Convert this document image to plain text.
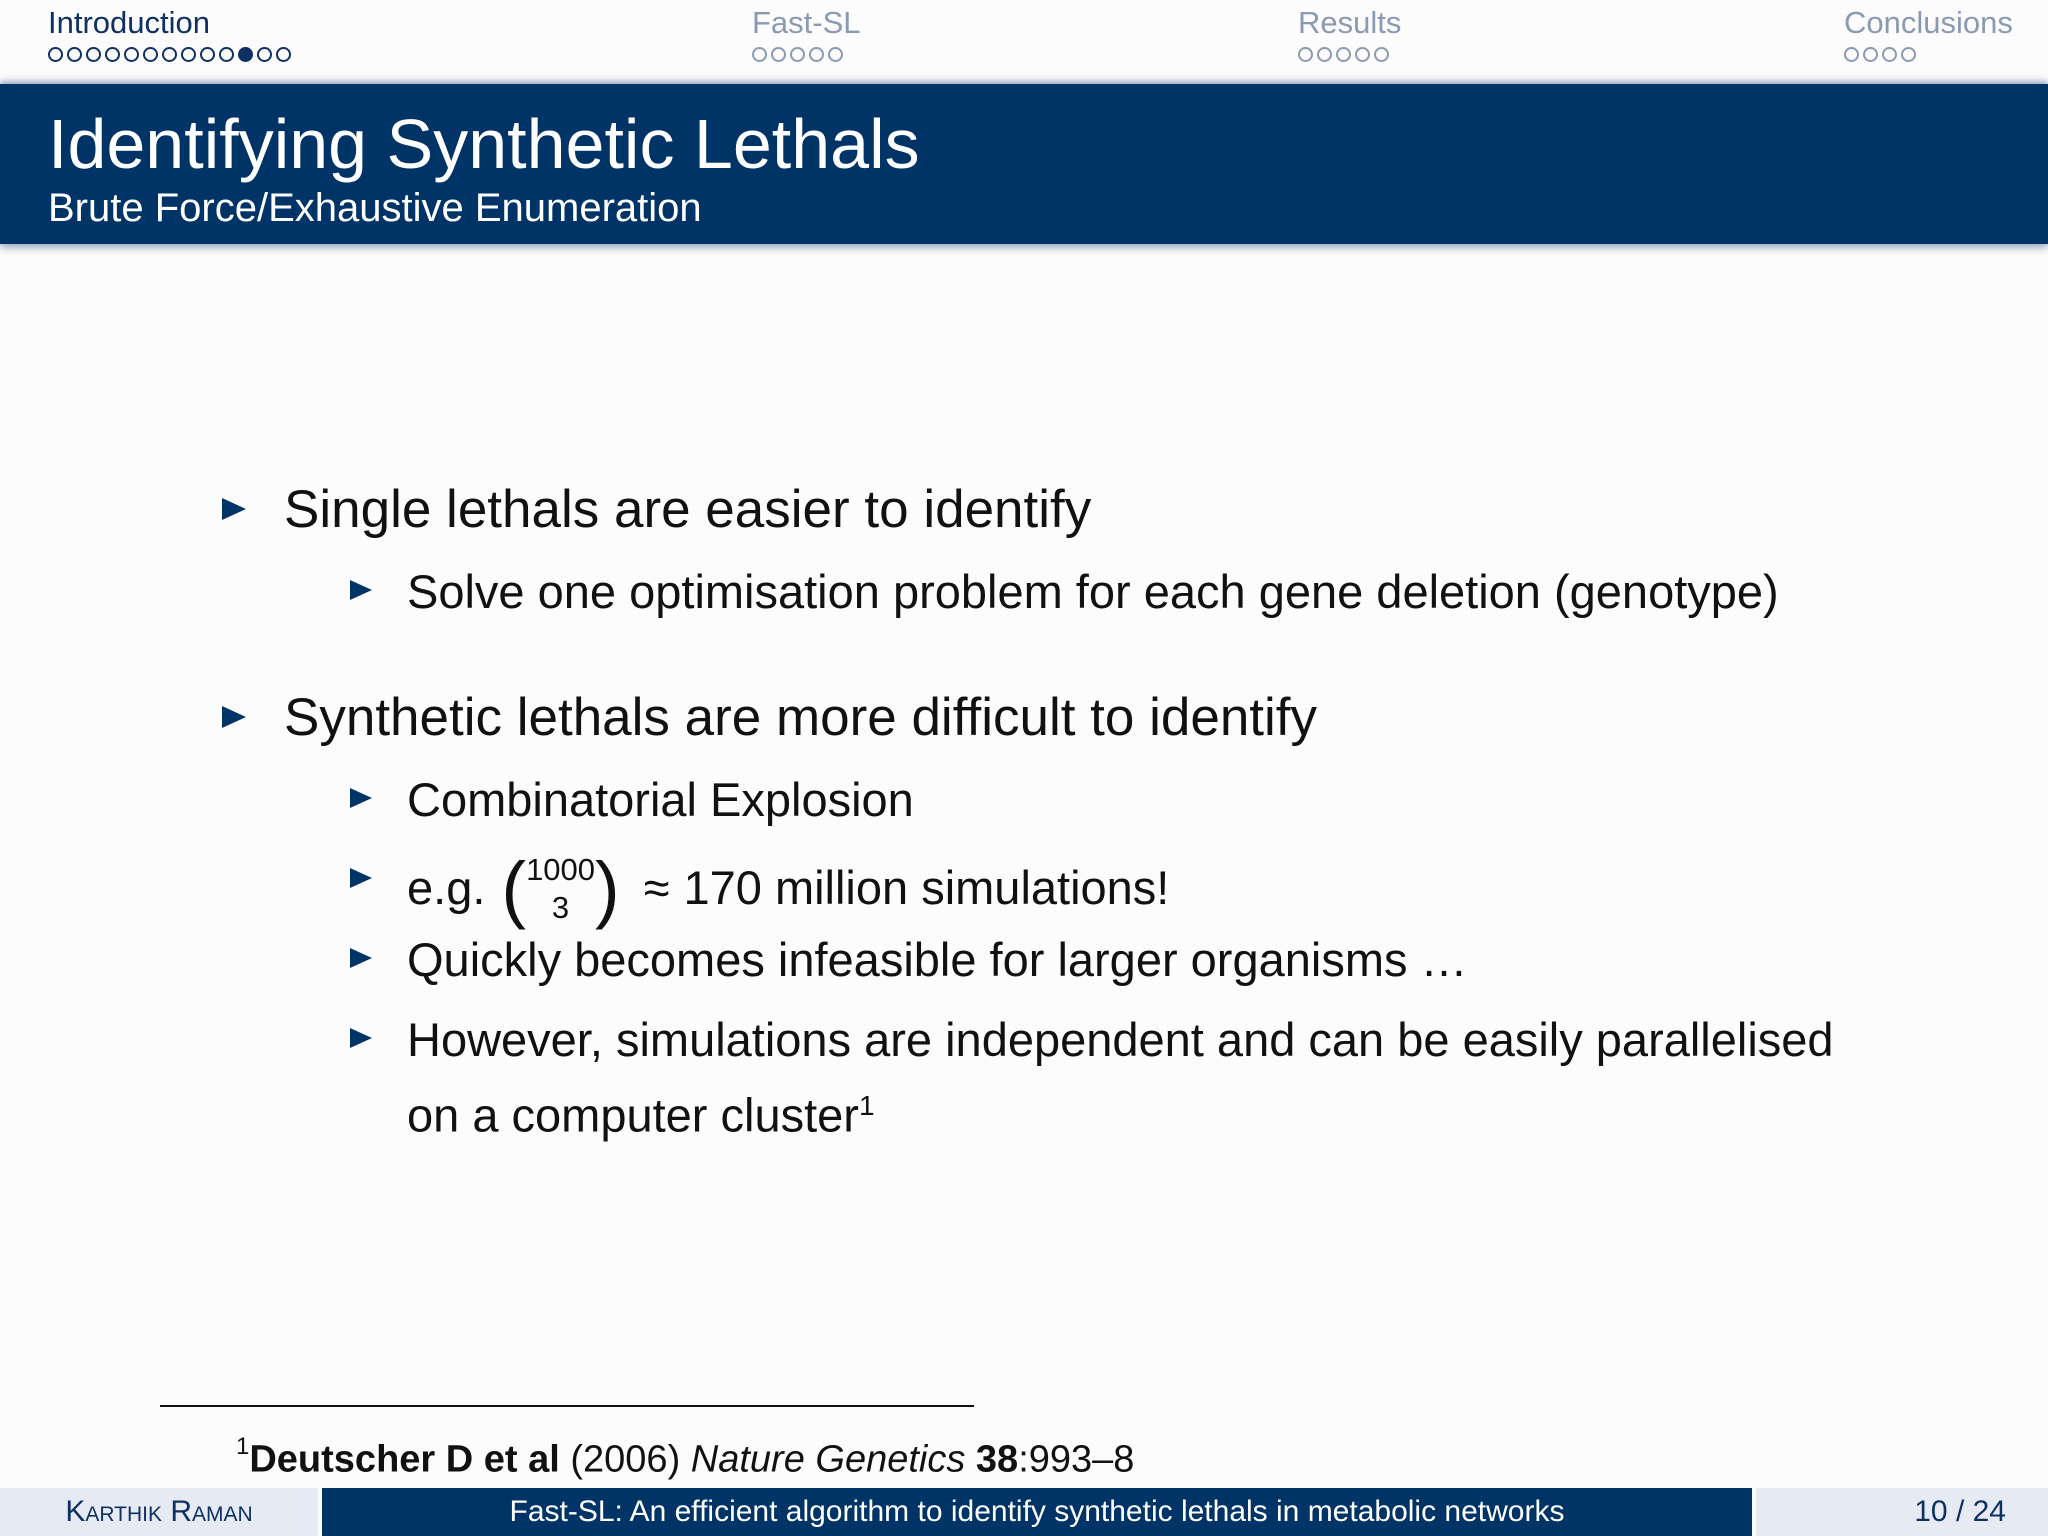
Introduction	Fast-SL	Results	Conclusions
Identifying Synthetic Lethals
Brute Force/Exhaustive Enumeration
Single lethals are easier to identify
Solve one optimisation problem for each gene deletion (genotype)
Synthetic lethals are more difficult to identify
Combinatorial Explosion
e.g. (1000
3 ) ≈ 170 million simulations!
Quickly becomes infeasible for larger organisms …
However, simulations are independent and can be easily parallelised
on a computer cluster$^1$
$^1$Deutscher D et al (2006) Nature Genetics 38:993–8
Karthik Raman	Fast-SL: An efficient algorithm to identify synthetic lethals in metabolic networks	10 / 24
